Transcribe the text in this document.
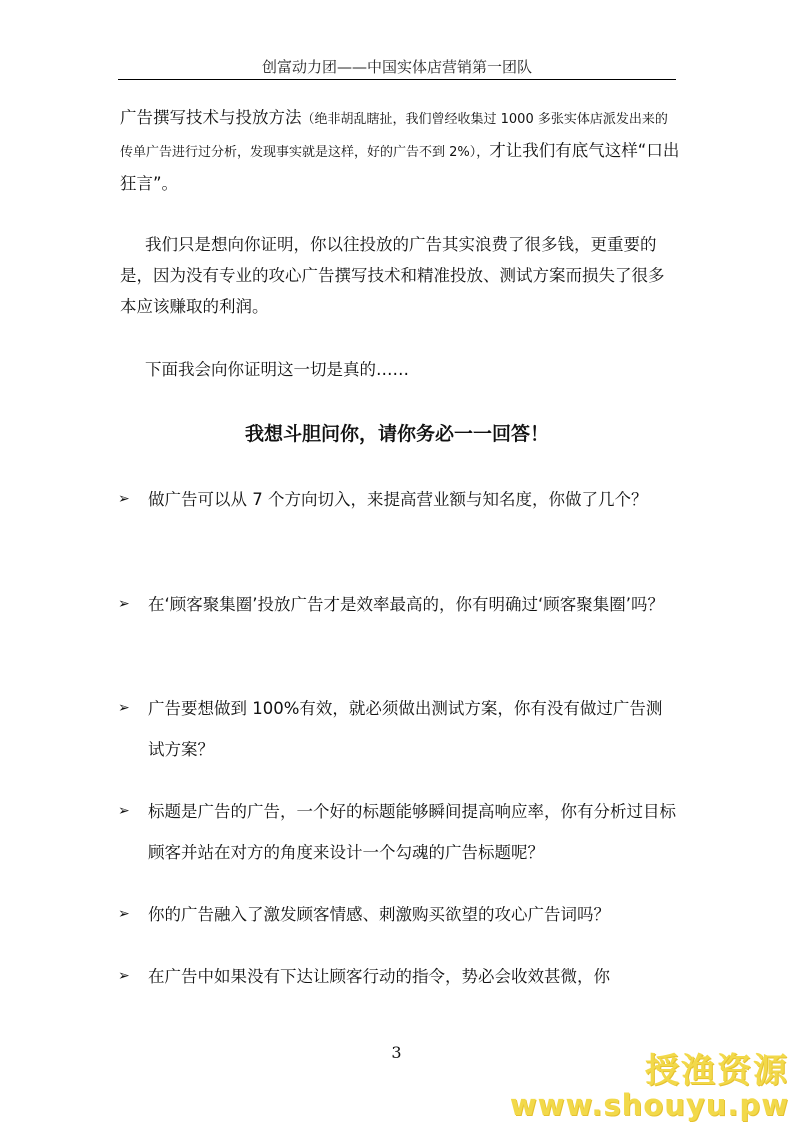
创富动力团——中国实体店营销第一团队

广告撰写技术与投放方法（绝非胡乱瞎扯，我们曾经收集过 1000 多张实体店派发出来的传单广告进行过分析，发现事实就是这样，好的广告不到 2%），才让我们有底气这样“口出狂言”。

我们只是想向你证明，你以往投放的广告其实浪费了很多钱，更重要的是，因为没有专业的攻心广告撰写技术和精准投放、测试方案而损失了很多本应该赚取的利润。

下面我会向你证明这一切是真的……

我想斗胆问你，请你务必一一回答！
➢	做广告可以从 7 个方向切入，来提高营业额与知名度，你做了几个？
➢	在‘顾客聚集圈’投放广告才是效率最高的，你有明确过‘顾客聚集圈’吗？
➢	广告要想做到 100%有效，就必须做出测试方案，你有没有做过广告测试方案？
➢	标题是广告的广告，一个好的标题能够瞬间提高响应率，你有分析过目标顾客并站在对方的角度来设计一个勾魂的广告标题呢？
➢	你的广告融入了激发顾客情感、刺激购买欲望的攻心广告词吗？
➢	在广告中如果没有下达让顾客行动的指令，势必会收效甚微，你
3	授渔资源
www.shouyu.pw
